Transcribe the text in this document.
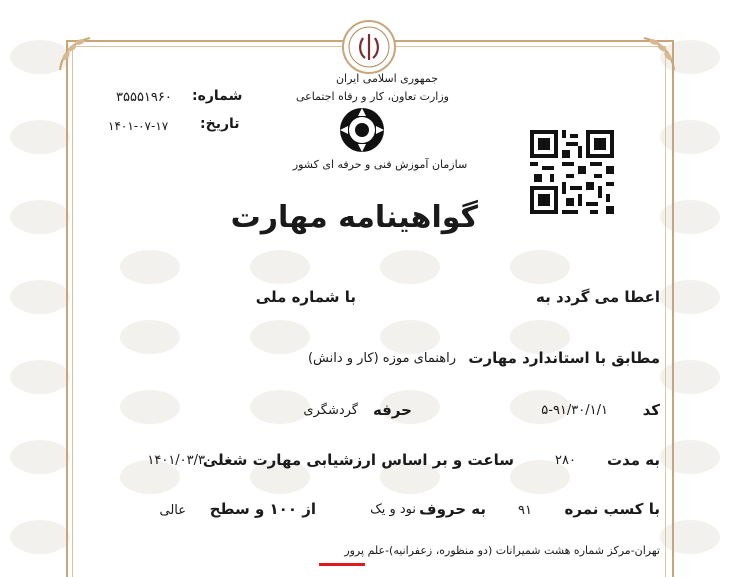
جمهوری اسلامی ایران
وزارت تعاون، کار و رفاه اجتماعی
سازمان آموزش فنی و حرفه ای کشور
شماره:
۳۵۵۵۱۹۶۰
تاریخ:
۱۴۰۱-۰۷-۱۷
گواهینامه مهارت
اعطا می گردد به
با شماره ملی
مطابق با استاندارد مهارت
راهنمای موزه (کار و دانش)
کد
۵-۹۱/۳۰/۱/۱
حرفه
گردشگری
به مدت
۲۸۰
ساعت و بر اساس ارزشیابی مهارت شغلی
۱۴۰۱/۰۳/۳۰
با کسب نمره
۹۱
به حروف
نود و یک
از ۱۰۰ و سطح
عالی
تهران-مرکز شماره هشت شمیرانات (دو منظوره، زعفرانیه)-علم پرور
